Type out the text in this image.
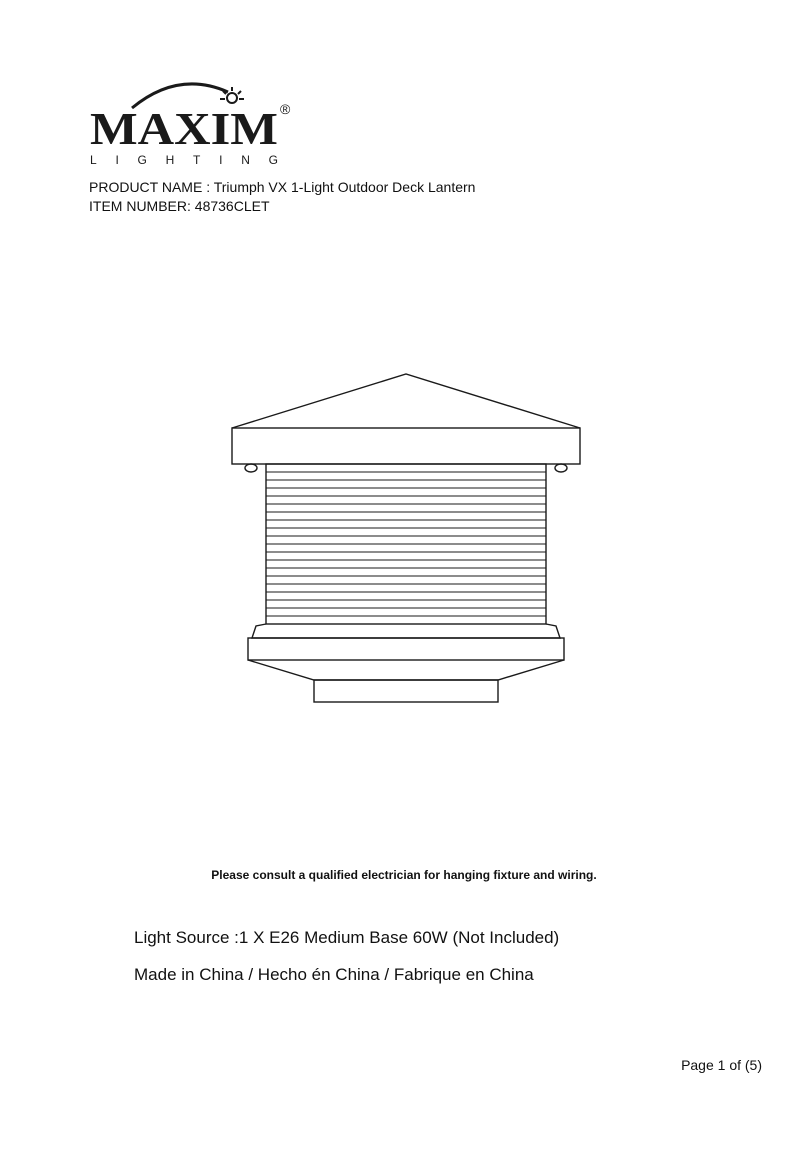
MAXIM ®
LIGHTING
PRODUCT NAME : Triumph VX 1-Light Outdoor Deck Lantern
ITEM NUMBER: 48736CLET
Please consult a qualified electrician for hanging fixture and wiring.
Light Source :1 X E26 Medium Base 60W (Not Included)
Made in China / Hecho én China / Fabrique en China
Page 1 of (5)
